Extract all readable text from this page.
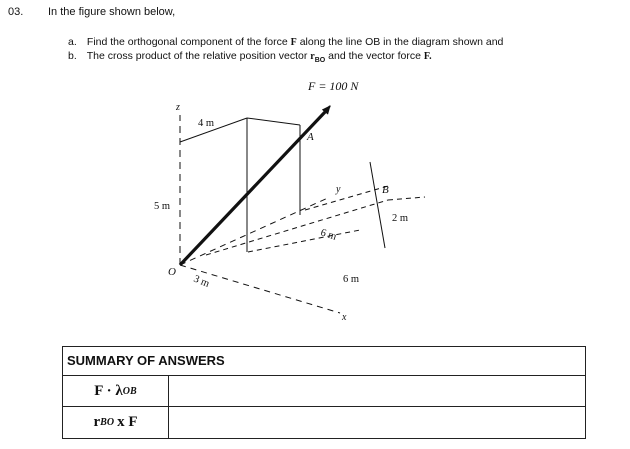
03. In the figure shown below,
a. Find the orthogonal component of the force F along the line OB in the diagram shown and
b. The cross product of the relative position vector $r_{BO}$ and the vector force F.
F = 100 N
z
y
x
O
A
B
5 m
4 m
3 m
6 m
6 m
2 m
SUMMARY OF ANSWERS
F · λ OB
r BO x F
